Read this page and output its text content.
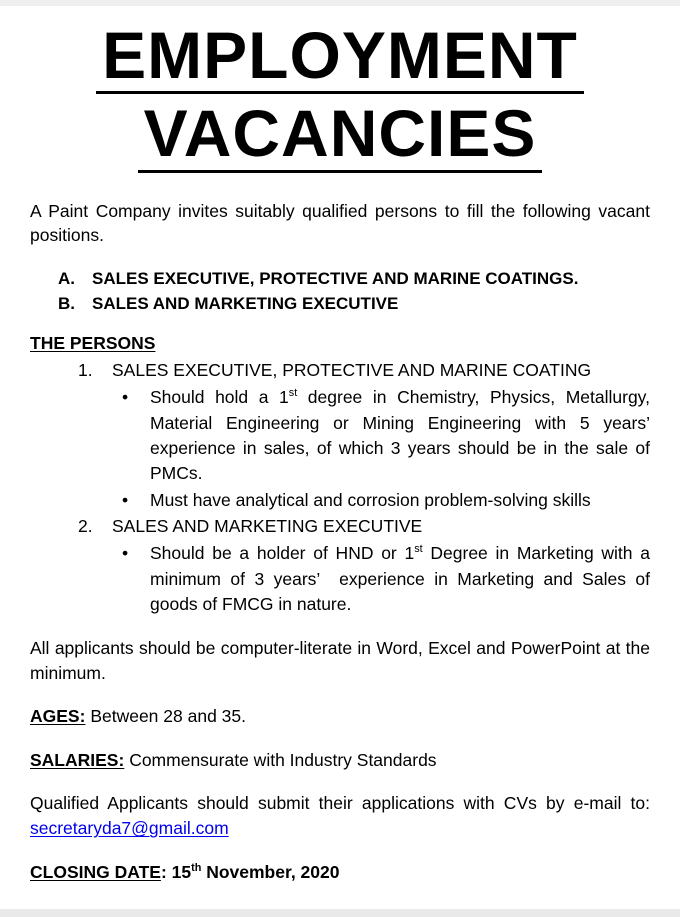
EMPLOYMENT VACANCIES

A Paint Company invites suitably qualified persons to fill the following vacant positions.

A.	SALES EXECUTIVE, PROTECTIVE AND MARINE COATINGS.
B.	SALES AND MARKETING EXECUTIVE
THE PERSONS
1.	SALES EXECUTIVE, PROTECTIVE AND MARINE COATING
•	Should hold a 1st degree in Chemistry, Physics, Metallurgy, Material Engineering or Mining Engineering with 5 years’ experience in sales, of which 3 years should be in the sale of PMCs.
•	Must have analytical and corrosion problem-solving skills
2.	SALES AND MARKETING EXECUTIVE
•	Should be a holder of HND or 1st Degree in Marketing with a minimum of 3 years’  experience in Marketing and Sales of goods of FMCG in nature.

All applicants should be computer-literate in Word, Excel and PowerPoint at the minimum.

AGES: Between 28 and 35.

SALARIES: Commensurate with Industry Standards

Qualified Applicants should submit their applications with CVs by e-mail to: secretaryda7@gmail.com

CLOSING DATE: 15th November, 2020
